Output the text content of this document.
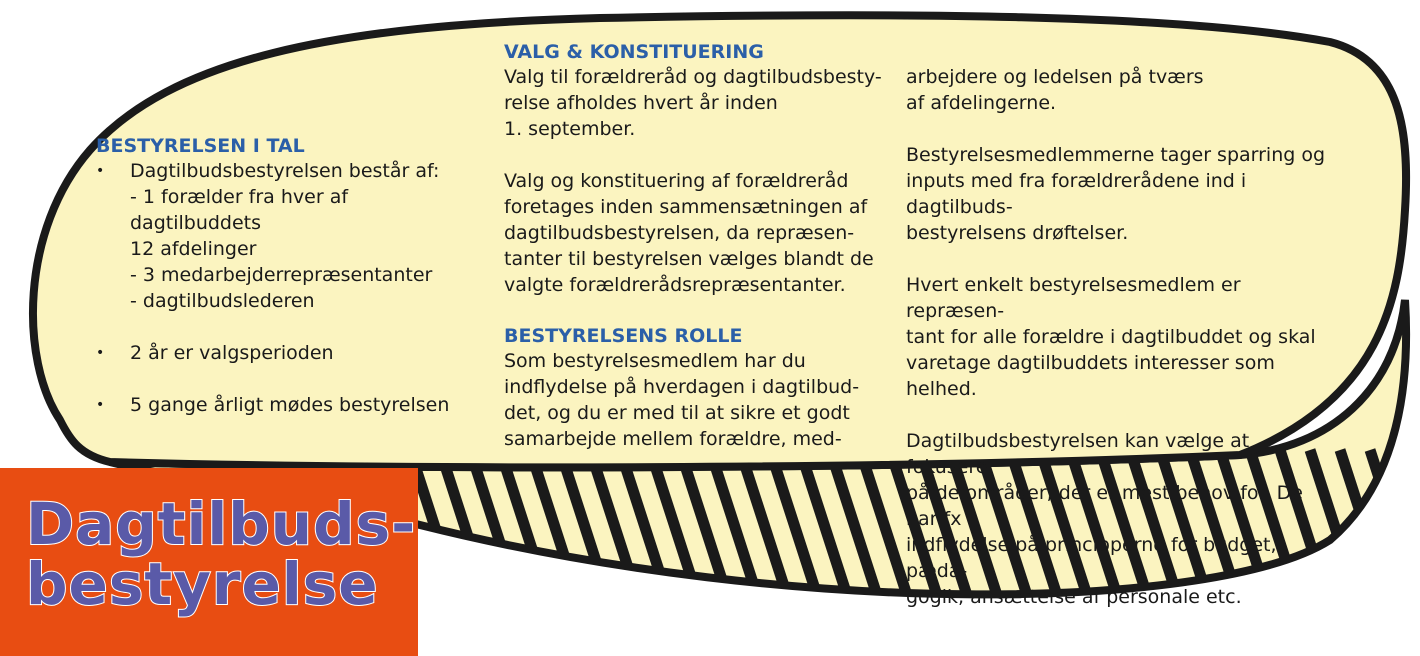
BESTYRELSEN I TAL
•	Dagtilbudsbestyrelsen består af:
- 1 forælder fra hver af dagtilbuddets
12 afdelinger
- 3 medarbejderrepræsentanter
- dagtilbudslederen
•	2 år er valgsperioden
•	5 gange årligt mødes bestyrelsen
VALG & KONSTITUERING

Valg til forældreråd og dagtilbudsbesty-
relse afholdes hvert år inden
1. september.

Valg og konstituering af forældreråd
foretages inden sammensætningen af
dagtilbudsbestyrelsen, da repræsen-
tanter til bestyrelsen vælges blandt de
valgte forældrerådsrepræsentanter.

BESTYRELSENS ROLLE

Som bestyrelsesmedlem har du
indflydelse på hverdagen i dagtilbud-
det, og du er med til at sikre et godt
samarbejde mellem forældre, med-

arbejdere og ledelsen på tværs
af afdelingerne.

Bestyrelsesmedlemmerne tager sparring og
inputs med fra forældrerådene ind i dagtilbuds-
bestyrelsens drøftelser.

Hvert enkelt bestyrelsesmedlem er repræsen-
tant for alle forældre i dagtilbuddet og skal
varetage dagtilbuddets interesser som helhed.

Dagtilbudsbestyrelsen kan vælge at fokusere
på de områder, der er mest behov for. De har fx
indflydelse på principperne for budget, pæda-
gogik, ansættelse af personale etc.

Dagtilbuds-
bestyrelse
